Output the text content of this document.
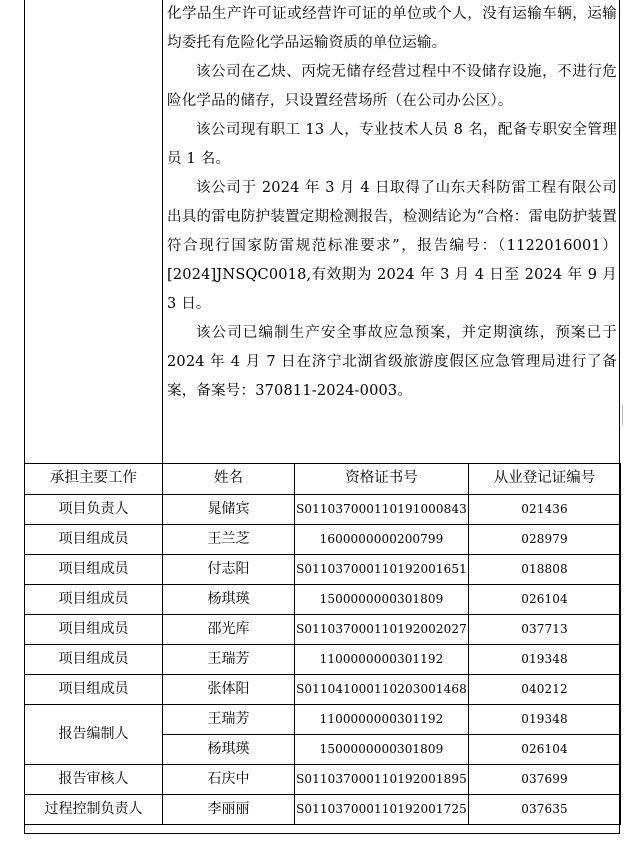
化学品生产许可证或经营许可证的单位或个人，没有运输车辆，运输均委托有危险化学品运输资质的单位运输。

该公司在乙炔、丙烷无储存经营过程中不设储存设施，不进行危险化学品的储存，只设置经营场所（在公司办公区）。

该公司现有职工 13 人，专业技术人员 8 名，配备专职安全管理员 1 名。

该公司于 2024 年 3 月 4 日取得了山东天科防雷工程有限公司出具的雷电防护装置定期检测报告，检测结论为“合格：雷电防护装置符合现行国家防雷规范标准要求”，报告编号：（1122016001）[2024]JNSQC0018,有效期为 2024 年 3 月 4 日至 2024 年 9 月 3 日。

该公司已编制生产安全事故应急预案，并定期演练，预案已于 2024 年 4 月 7 日在济宁北湖省级旅游度假区应急管理局进行了备案，备案号：370811-2024-0003。

承担主要工作	姓名	资格证书号	从业登记证编号
项目负责人	晁储宾	S011037000110191000843	021436
项目组成员	王兰芝	1600000000200799	028979
项目组成员	付志阳	S011037000110192001651	018808
项目组成员	杨琪瑛	1500000000301809	026104
项目组成员	邵光库	S011037000110192002027	037713
项目组成员	王瑞芳	1100000000301192	019348
项目组成员	张体阳	S011041000110203001468	040212
报告编制人	王瑞芳	1100000000301192	019348
	杨琪瑛	1500000000301809	026104
报告审核人	石庆中	S011037000110192001895	037699
过程控制负责人	李丽丽	S011037000110192001725	037635
